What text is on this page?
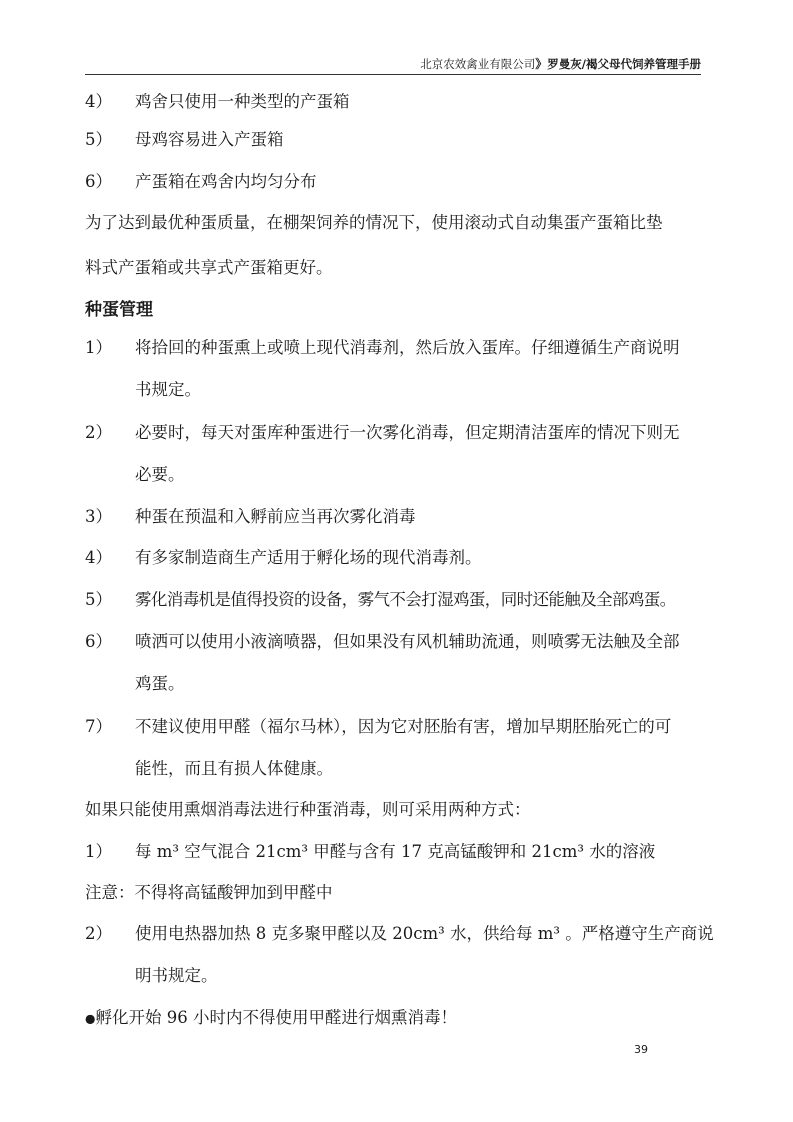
北京农效禽业有限公司》罗曼灰/褐父母代饲养管理手册
4） 鸡舍只使用一种类型的产蛋箱
5） 母鸡容易进入产蛋箱
6） 产蛋箱在鸡舍内均匀分布
为了达到最优种蛋质量，在棚架饲养的情况下，使用滚动式自动集蛋产蛋箱比垫
料式产蛋箱或共享式产蛋箱更好。
种蛋管理
1） 将拾回的种蛋熏上或喷上现代消毒剂，然后放入蛋库。仔细遵循生产商说明
书规定。
2） 必要时，每天对蛋库种蛋进行一次雾化消毒，但定期清洁蛋库的情况下则无
必要。
3） 种蛋在预温和入孵前应当再次雾化消毒
4） 有多家制造商生产适用于孵化场的现代消毒剂。
5） 雾化消毒机是值得投资的设备，雾气不会打湿鸡蛋，同时还能触及全部鸡蛋。
6） 喷洒可以使用小液滴喷器，但如果没有风机辅助流通，则喷雾无法触及全部
鸡蛋。
7） 不建议使用甲醛（福尔马林），因为它对胚胎有害，增加早期胚胎死亡的可
能性，而且有损人体健康。
如果只能使用熏烟消毒法进行种蛋消毒，则可采用两种方式：
1） 每 m³ 空气混合 21cm³ 甲醛与含有 17 克高锰酸钾和 21cm³ 水的溶液
注意：不得将高锰酸钾加到甲醛中
2） 使用电热器加热 8 克多聚甲醛以及 20cm³ 水，供给每 m³ 。严格遵守生产商说
明书规定。
●孵化开始 96 小时内不得使用甲醛进行烟熏消毒！
39
